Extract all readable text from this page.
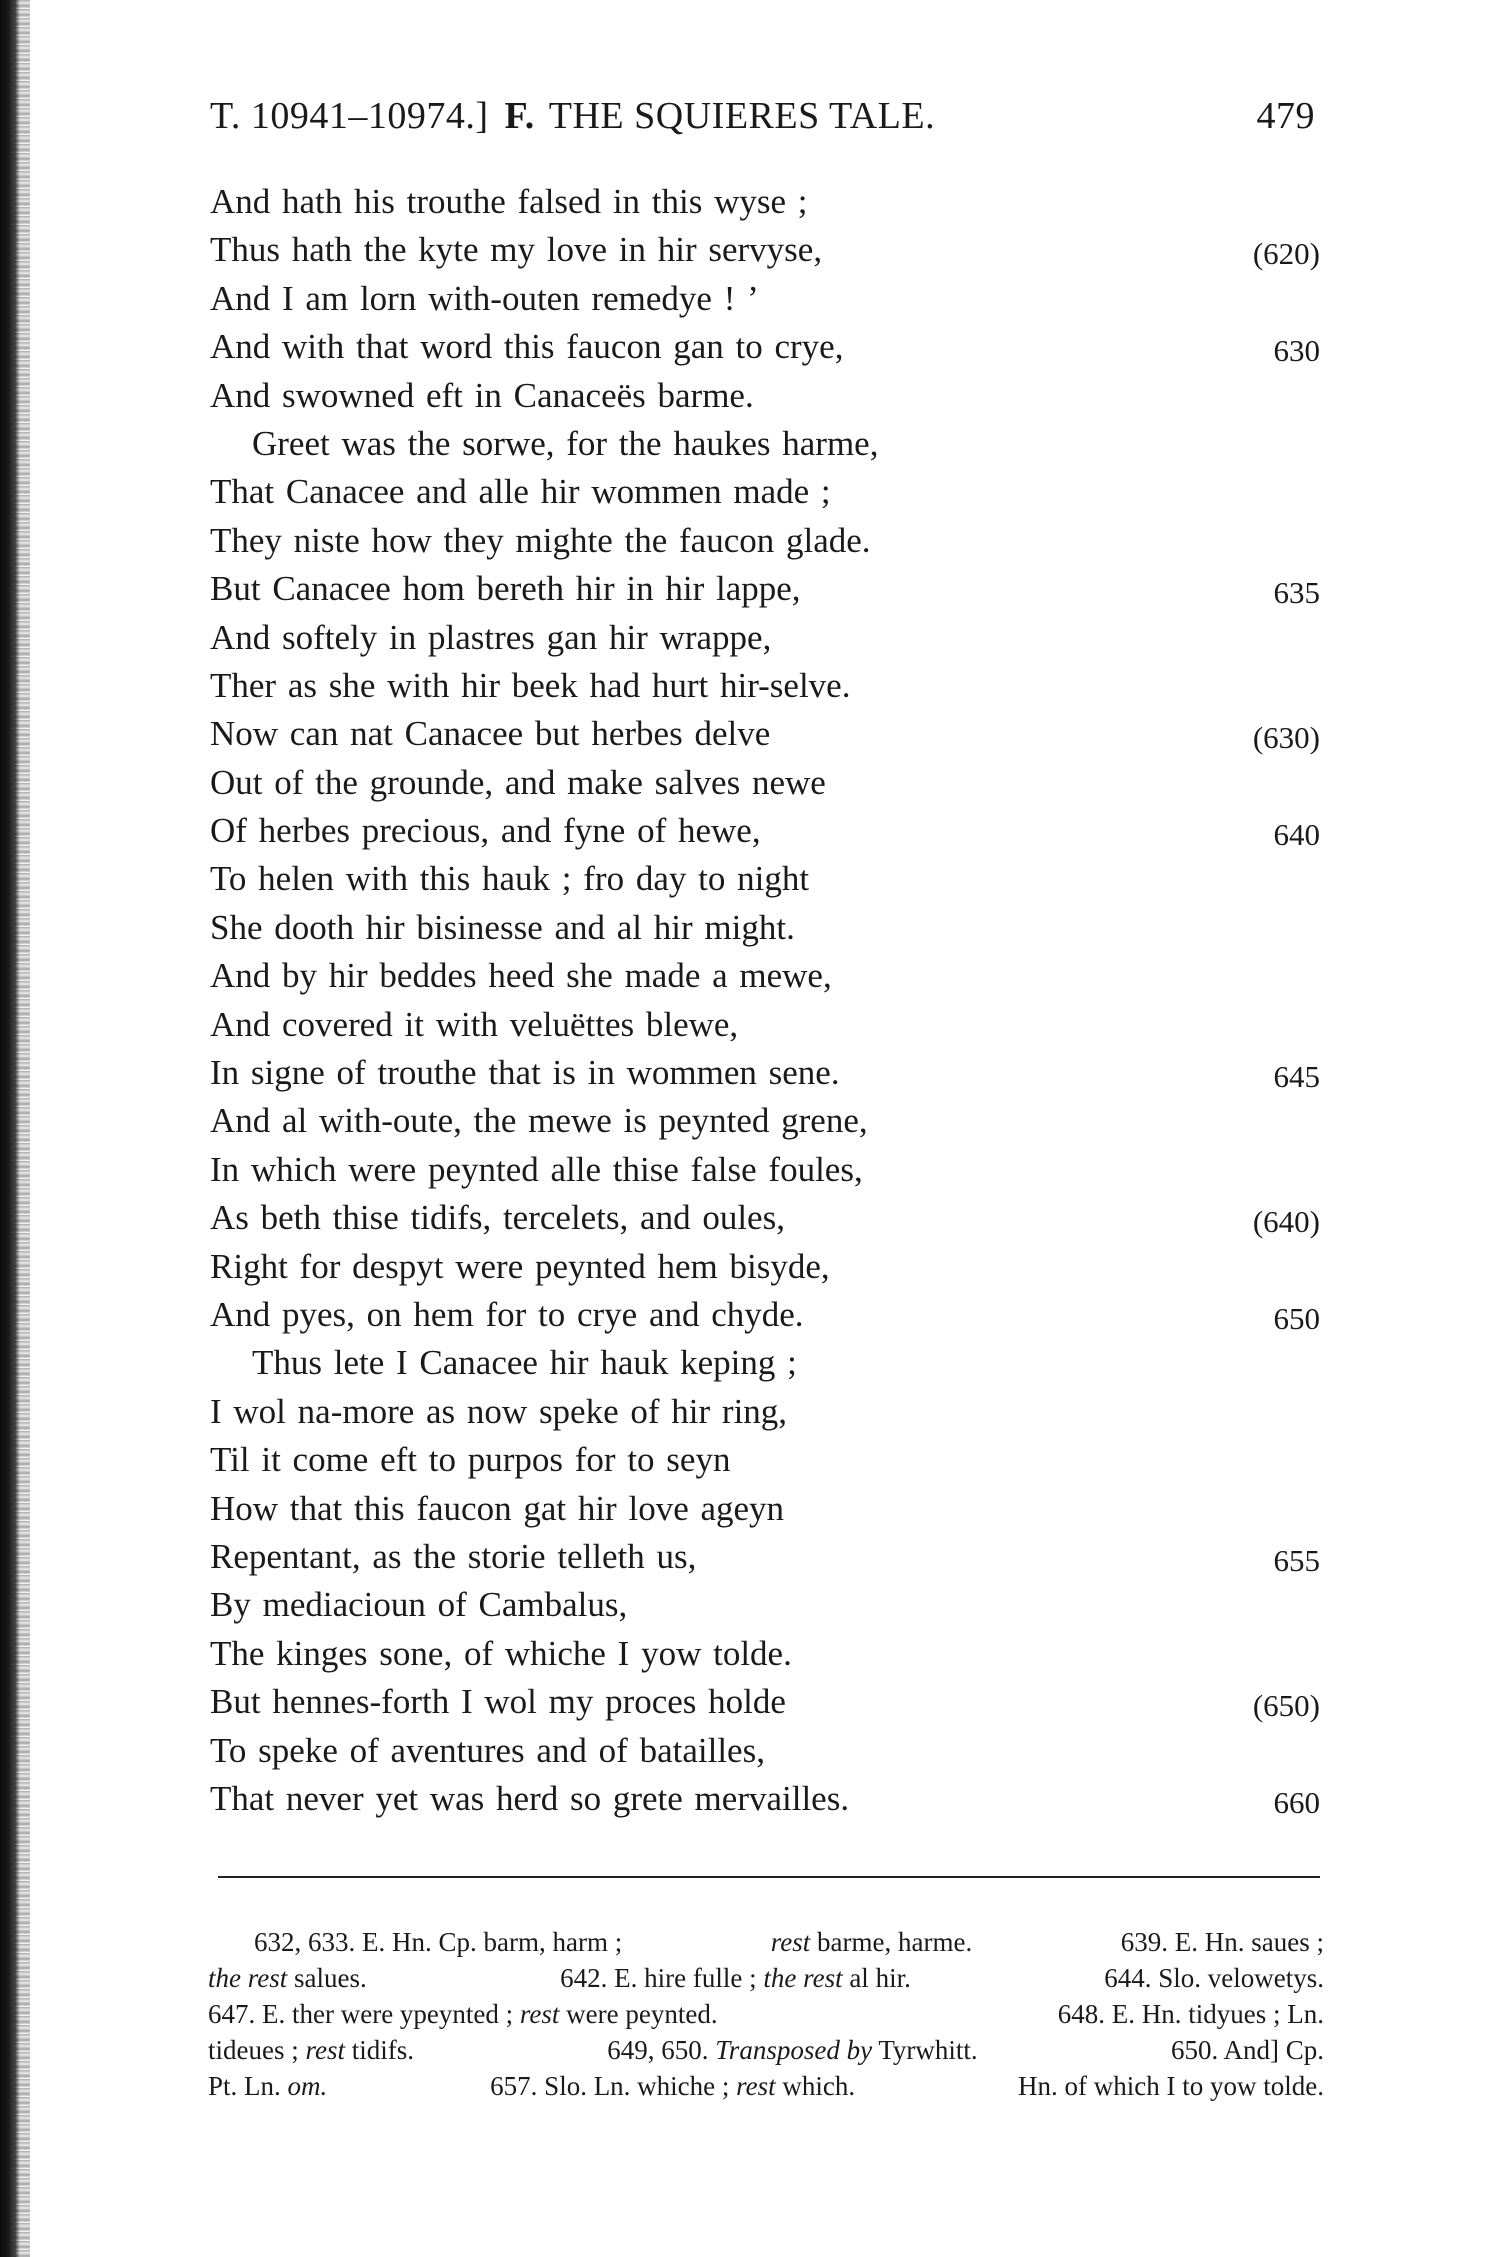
T. 10941–10974.] F. THE SQUIERES TALE.	479
And hath his trouthe falsed in this wyse ;
Thus hath the kyte my love in hir servyse,	(620)
And I am lorn with-outen remedye ! ’
And with that word this faucon gan to crye,	630
And swowned eft in Canaceës barme.
Greet was the sorwe, for the haukes harme,
That Canacee and alle hir wommen made ;
They niste how they mighte the faucon glade.
But Canacee hom bereth hir in hir lappe,	635
And softely in plastres gan hir wrappe,
Ther as she with hir beek had hurt hir-selve.
Now can nat Canacee but herbes delve	(630)
Out of the grounde, and make salves newe
Of herbes precious, and fyne of hewe,	640
To helen with this hauk ; fro day to night
She dooth hir bisinesse and al hir might.
And by hir beddes heed she made a mewe,
And covered it with veluëttes blewe,
In signe of trouthe that is in wommen sene.	645
And al with-oute, the mewe is peynted grene,
In which were peynted alle thise false foules,
As beth thise tidifs, tercelets, and oules,	(640)
Right for despyt were peynted hem bisyde,
And pyes, on hem for to crye and chyde.	650
Thus lete I Canacee hir hauk keping ;
I wol na-more as now speke of hir ring,
Til it come eft to purpos for to seyn
How that this faucon gat hir love ageyn
Repentant, as the storie telleth us,	655
By mediacioun of Cambalus,
The kinges sone, of whiche I yow tolde.
But hennes-forth I wol my proces holde	(650)
To speke of aventures and of batailles,
That never yet was herd so grete mervailles.	660
632, 633. E. Hn. Cp. barm, harm ;	rest barme, harme.	639. E. Hn. saues ;
the rest salues.	642. E. hire fulle ; the rest al hir.	644. Slo. velowetys.
647. E. ther were ypeynted ; rest were peynted.	648. E. Hn. tidyues ; Ln.
tideues ; rest tidifs.	649, 650. Transposed by Tyrwhitt.	650. And] Cp.
Pt. Ln. om.	657. Slo. Ln. whiche ; rest which.	Hn. of which I to yow tolde.
